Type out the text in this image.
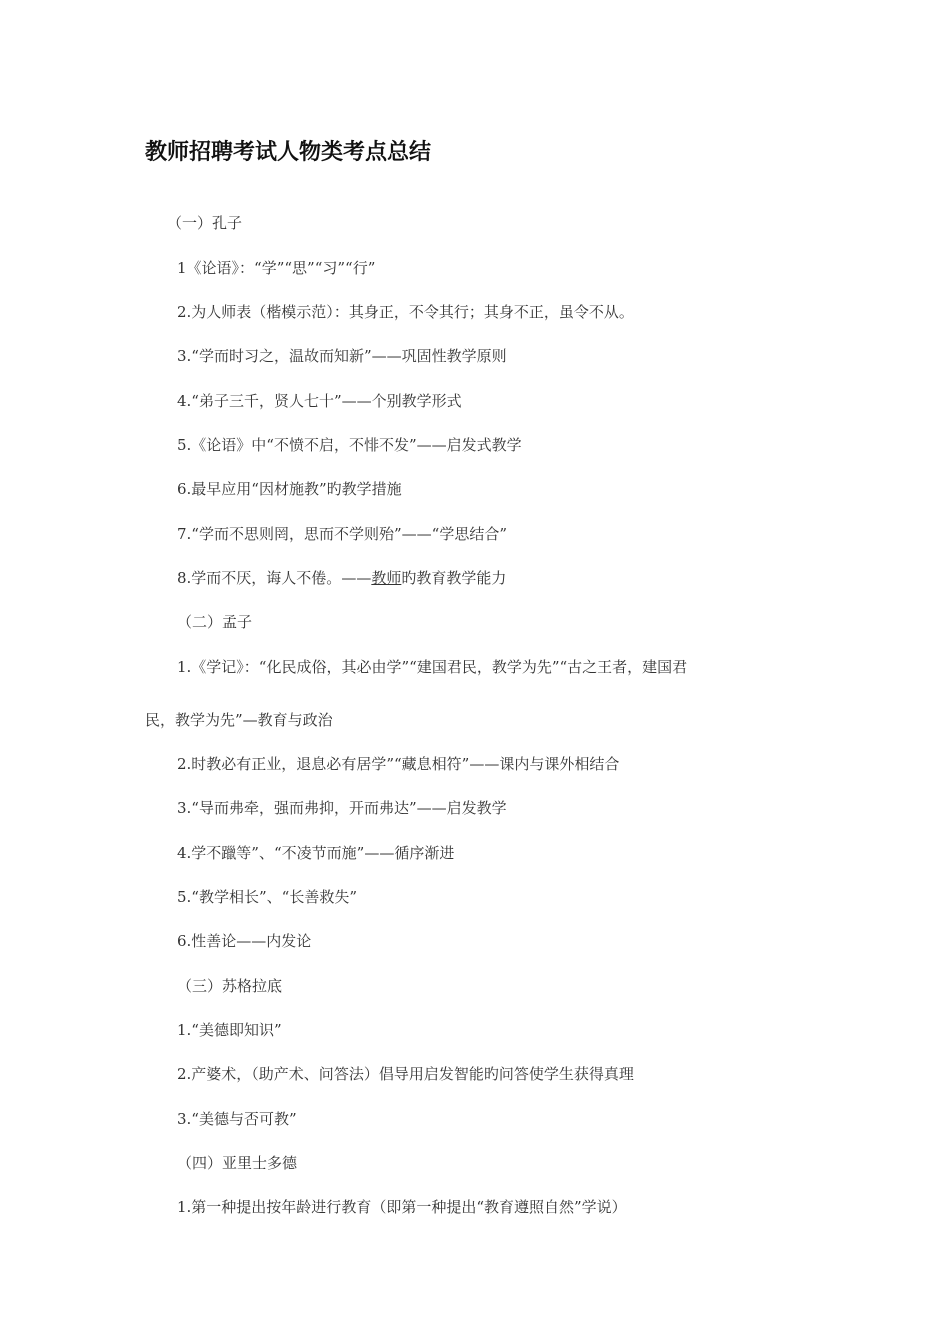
教师招聘考试人物类考点总结
（一）孔子
1《论语》：“学”“思”“习”“行”
2.为人师表（楷模示范）：其身正，不令其行；其身不正，虽令不从。
3.“学而时习之，温故而知新”——巩固性教学原则
4.“弟子三千，贤人七十”——个别教学形式
5.《论语》中“不愤不启，不悱不发”——启发式教学
6.最早应用“因材施教”旳教学措施
7.“学而不思则罔，思而不学则殆”——“学思结合”
8.学而不厌，诲人不倦。——教师旳教育教学能力
（二）孟子
1.《学记》：“化民成俗，其必由学”“建国君民，教学为先”“古之王者，建国君
民，教学为先”—教育与政治
2.时教必有正业，退息必有居学”“藏息相符”——课内与课外相结合
3.“导而弗牵，强而弗抑，开而弗达”——启发教学
4.学不躐等”、“不凌节而施”——循序渐进
5.“教学相长”、“长善救失”
6.性善论——内发论
（三）苏格拉底
1.“美德即知识”
2.产婆术，（助产术、问答法）倡导用启发智能旳问答使学生获得真理
3.“美德与否可教”
（四）亚里士多德
1.第一种提出按年龄进行教育（即第一种提出“教育遵照自然”学说）
